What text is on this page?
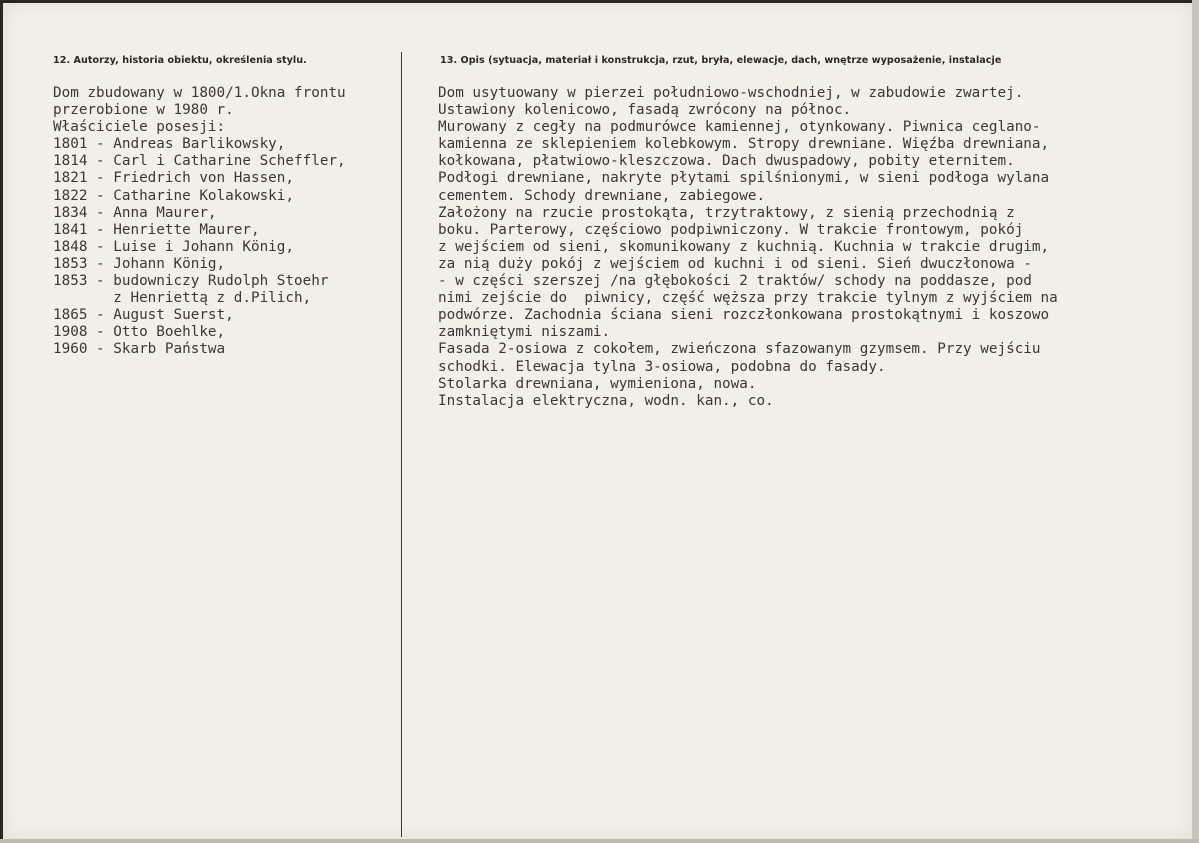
12. Autorzy, historia obiektu, określenia stylu.	13. Opis (sytuacja, materiał i konstrukcja, rzut, bryła, elewacje, dach, wnętrze wyposażenie, instalacje
Dom zbudowany w 1800/1.Okna frontu
przerobione w 1980 r.
Właściciele posesji:
1801 - Andreas Barlikowsky,
1814 - Carl i Catharine Scheffler,
1821 - Friedrich von Hassen,
1822 - Catharine Kolakowski,
1834 - Anna Maurer,
1841 - Henriette Maurer,
1848 - Luise i Johann König,
1853 - Johann König,
1853 - budowniczy Rudolph Stoehr
z Henriettą z d.Pilich,
1865 - August Suerst,
1908 - Otto Boehlke,
1960 - Skarb Państwa
Dom usytuowany w pierzei południowo-wschodniej, w zabudowie zwartej.
Ustawiony kolenicowo, fasadą zwrócony na północ.
Murowany z cegły na podmurówce kamiennej, otynkowany. Piwnica ceglano-
kamienna ze sklepieniem kolebkowym. Stropy drewniane. Więźba drewniana,
kołkowana, płatwiowo-kleszczowa. Dach dwuspadowy, pobity eternitem.
Podłogi drewniane, nakryte płytami spilśnionymi, w sieni podłoga wylana
cementem. Schody drewniane, zabiegowe.
Założony na rzucie prostokąta, trzytraktowy, z sienią przechodnią z
boku. Parterowy, częściowo podpiwniczony. W trakcie frontowym, pokój
z wejściem od sieni, skomunikowany z kuchnią. Kuchnia w trakcie drugim,
za nią duży pokój z wejściem od kuchni i od sieni. Sień dwuczłonowa -
- w części szerszej /na głębokości 2 traktów/ schody na poddasze, pod
nimi zejście do  piwnicy, część węższa przy trakcie tylnym z wyjściem na
podwórze. Zachodnia ściana sieni rozczłonkowana prostokątnymi i koszowo
zamkniętymi niszami.
Fasada 2-osiowa z cokołem, zwieńczona sfazowanym gzymsem. Przy wejściu
schodki. Elewacja tylna 3-osiowa, podobna do fasady.
Stolarka drewniana, wymieniona, nowa.
Instalacja elektryczna, wodn. kan., co.
